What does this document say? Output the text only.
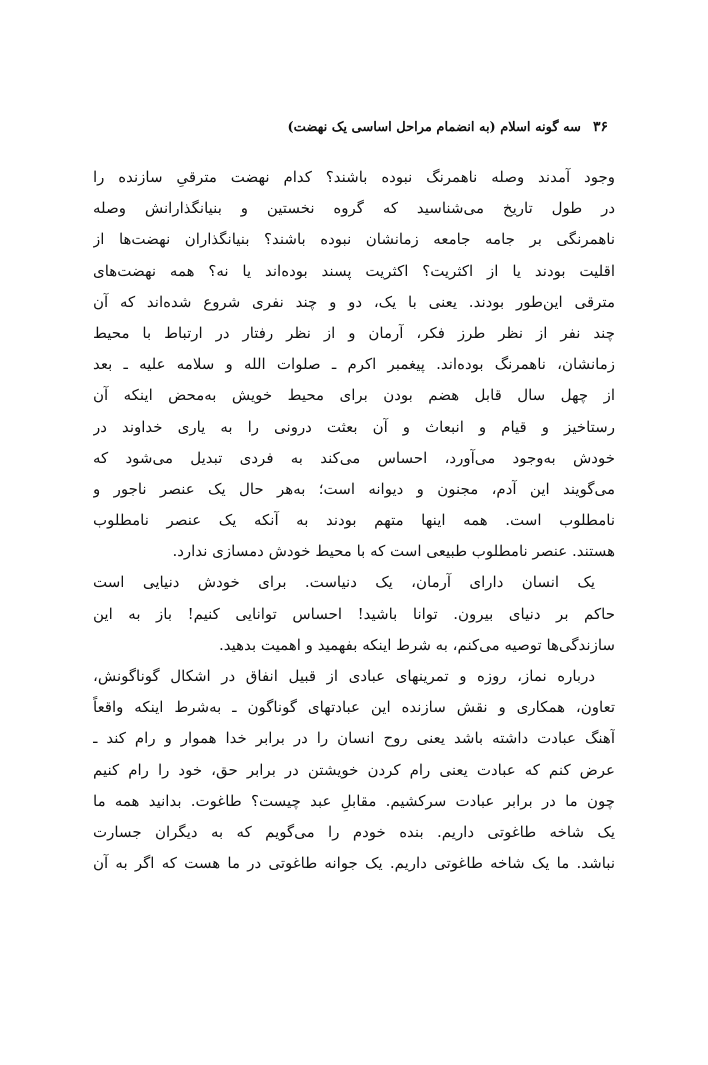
۳۶سه گونه اسلام (به انضمام مراحل اساسی یک نهضت)
وجود آمدند وصله ناهمرنگ نبوده باشند؟ کدام نهضت مترقیِ سازنده را
در طول تاریخ می‌شناسید که گروه نخستین و بنیانگذارانش وصله
ناهمرنگی بر جامه جامعه زمانشان نبوده باشند؟ بنیانگذاران نهضت‌ها از
اقلیت بودند یا از اکثریت؟ اکثریت پسند بوده‌اند یا نه؟ همه نهضت‌های
مترقی این‌طور بودند. یعنی با یک، دو و چند نفری شروع شده‌اند که آن
چند نفر از نظر طرز فکر، آرمان و از نظر رفتار در ارتباط با محیط
زمانشان، ناهمرنگ بوده‌اند. پیغمبر اکرم ـ صلوات الله و سلامه علیه ـ بعد
از چهل سال قابل هضم بودن برای محیط خویش به‌محض اینکه آن
رستاخیز و قیام و انبعاث و آن بعثت درونی را به یاری خداوند در
خودش به‌وجود می‌آورد، احساس می‌کند به فردی تبدیل می‌شود که
می‌گویند این آدم، مجنون و دیوانه است؛ به‌هر حال یک عنصر ناجور و
نامطلوب است. همه اینها متهم بودند به آنکه یک عنصر نامطلوب
هستند. عنصر نامطلوب طبیعی است که با محیط خودش دمسازی ندارد.
یک انسان دارای آرمان، یک دنیاست. برای خودش دنیایی است
حاکم بر دنیای بیرون. توانا باشید! احساس توانایی کنیم! باز به این
سازندگی‌ها توصیه می‌کنم، به شرط اینکه بفهمید و اهمیت بدهید.
درباره نماز، روزه و تمرینهای عبادی از قبیل انفاق در اشکال گوناگونش،
تعاون، همکاری و نقش سازنده این عبادتهای گوناگون ـ به‌شرط اینکه واقعاً
آهنگ عبادت داشته باشد یعنی روح انسان را در برابر خدا هموار و رام کند ـ
عرض کنم که عبادت یعنی رام کردن خویشتن در برابر حق، خود را رام کنیم
چون ما در برابر عبادت سرکشیم. مقابلِ عبد چیست؟ طاغوت. بدانید همه ما
یک شاخه طاغوتی داریم. بنده خودم را می‌گویم که به دیگران جسارت
نباشد. ما یک شاخه طاغوتی داریم. یک جوانه طاغوتی در ما هست که اگر به آن
